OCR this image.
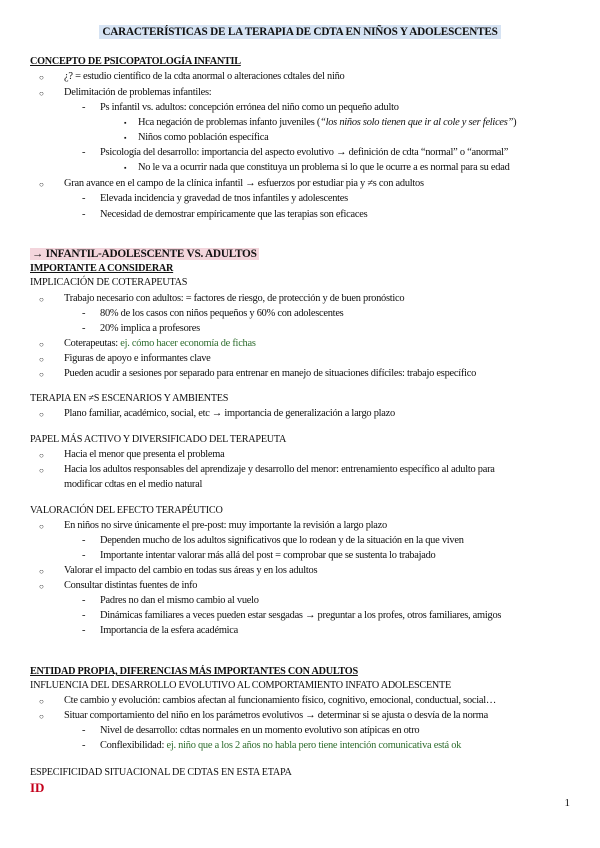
CARACTERÍSTICAS DE LA TERAPIA DE CDTA EN NIÑOS Y ADOLESCENTES
CONCEPTO DE PSICOPATOLOGÍA INFANTIL
○ ¿? = estudio científico de la cdta anormal o alteraciones cdtales del niño
○ Delimitación de problemas infantiles:
- Ps infantil vs. adultos: concepción errónea del niño como un pequeño adulto
▪ Hca negación de problemas infanto juveniles (“los niños solo tienen que ir al cole y ser felices”)
▪ Niños como población específica
- Psicología del desarrollo: importancia del aspecto evolutivo → definición de cdta “normal” o “anormal”
▪ No le va a ocurrir nada que constituya un problema si lo que le ocurre a es normal para su edad
○ Gran avance en el campo de la clínica infantil → esfuerzos por estudiar pia y ≠s con adultos
- Elevada incidencia y gravedad de tnos infantiles y adolescentes
- Necesidad de demostrar empíricamente que las terapias son eficaces
→ INFANTIL-ADOLESCENTE VS. ADULTOS
IMPORTANTE A CONSIDERAR
IMPLICACIÓN DE COTERAPEUTAS
○ Trabajo necesario con adultos: = factores de riesgo, de protección y de buen pronóstico
- 80% de los casos con niños pequeños y 60% con adolescentes
- 20% implica a profesores
○ Coterapeutas: ej. cómo hacer economía de fichas
○ Figuras de apoyo e informantes clave
○ Pueden acudir a sesiones por separado para entrenar en manejo de situaciones difíciles: trabajo específico
TERAPIA EN ≠S ESCENARIOS Y AMBIENTES
○ Plano familiar, académico, social, etc → importancia de generalización a largo plazo
PAPEL MÁS ACTIVO Y DIVERSIFICADO DEL TERAPEUTA
○ Hacia el menor que presenta el problema
○ Hacia los adultos responsables del aprendizaje y desarrollo del menor: entrenamiento específico al adulto para
modificar cdtas en el medio natural
VALORACIÓN DEL EFECTO TERAPÉUTICO
○ En niños no sirve únicamente el pre-post: muy importante la revisión a largo plazo
- Dependen mucho de los adultos significativos que lo rodean y de la situación en la que viven
- Importante intentar valorar más allá del post = comprobar que se sustenta lo trabajado
○ Valorar el impacto del cambio en todas sus áreas y en los adultos
○ Consultar distintas fuentes de info
- Padres no dan el mismo cambio al vuelo
- Dinámicas familiares a veces pueden estar sesgadas → preguntar a los profes, otros familiares, amigos
- Importancia de la esfera académica
ENTIDAD PROPIA, DIFERENCIAS MÁS IMPORTANTES CON ADULTOS
INFLUENCIA DEL DESARROLLO EVOLUTIVO AL COMPORTAMIENTO INFATO ADOLESCENTE
○ Cte cambio y evolución: cambios afectan al funcionamiento físico, cognitivo, emocional, conductual, social…
○ Situar comportamiento del niño en los parámetros evolutivos → determinar si se ajusta o desvía de la norma
- Nivel de desarrollo: cdtas normales en un momento evolutivo son atípicas en otro
- Conflexibilidad: ej. niño que a los 2 años no habla pero tiene intención comunicativa está ok
ESPECIFICIDAD SITUACIONAL DE CDTAS EN ESTA ETAPA
ID
1
